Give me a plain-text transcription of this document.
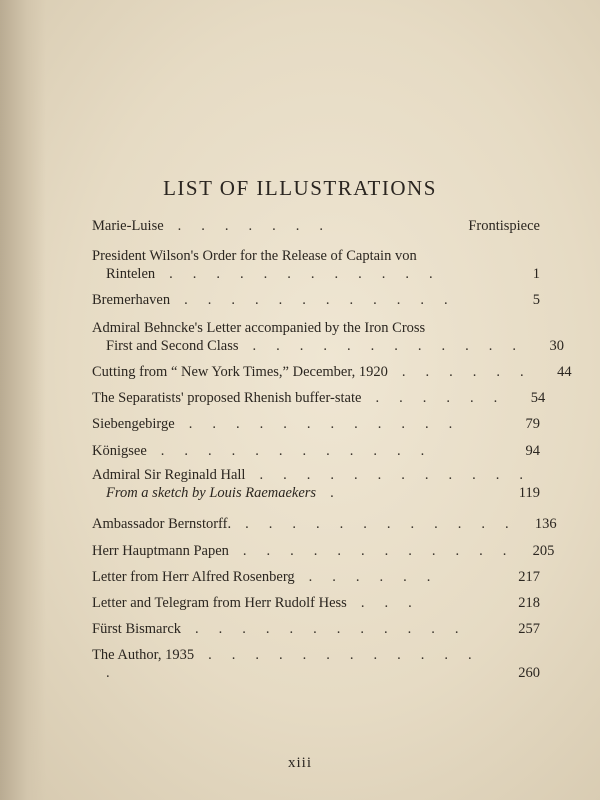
LIST OF ILLUSTRATIONS
Marie-Luise .......	Frontispiece
President Wilson's Order for the Release of Captain von
Rintelen ............	1
Bremerhaven ............	5
Admiral Behncke's Letter accompanied by the Iron Cross
First and Second Class ............ 30
Cutting from “ New York Times,” December, 1920 ...... 44
The Separatists' proposed Rhenish buffer-state ...... 54
Siebengebirge ............	79
Königsee ............	94
Admiral Sir Reginald Hall ............
From a sketch by Louis Raemaekers .	119
Ambassador Bernstorff. ............ 136
Herr Hauptmann Papen ............ 205
Letter from Herr Alfred Rosenberg ......	217
Letter and Telegram from Herr Rudolf Hess ...	218
Fürst Bismarck ............	257
The Author, 1935 ............
.	260
xiii
